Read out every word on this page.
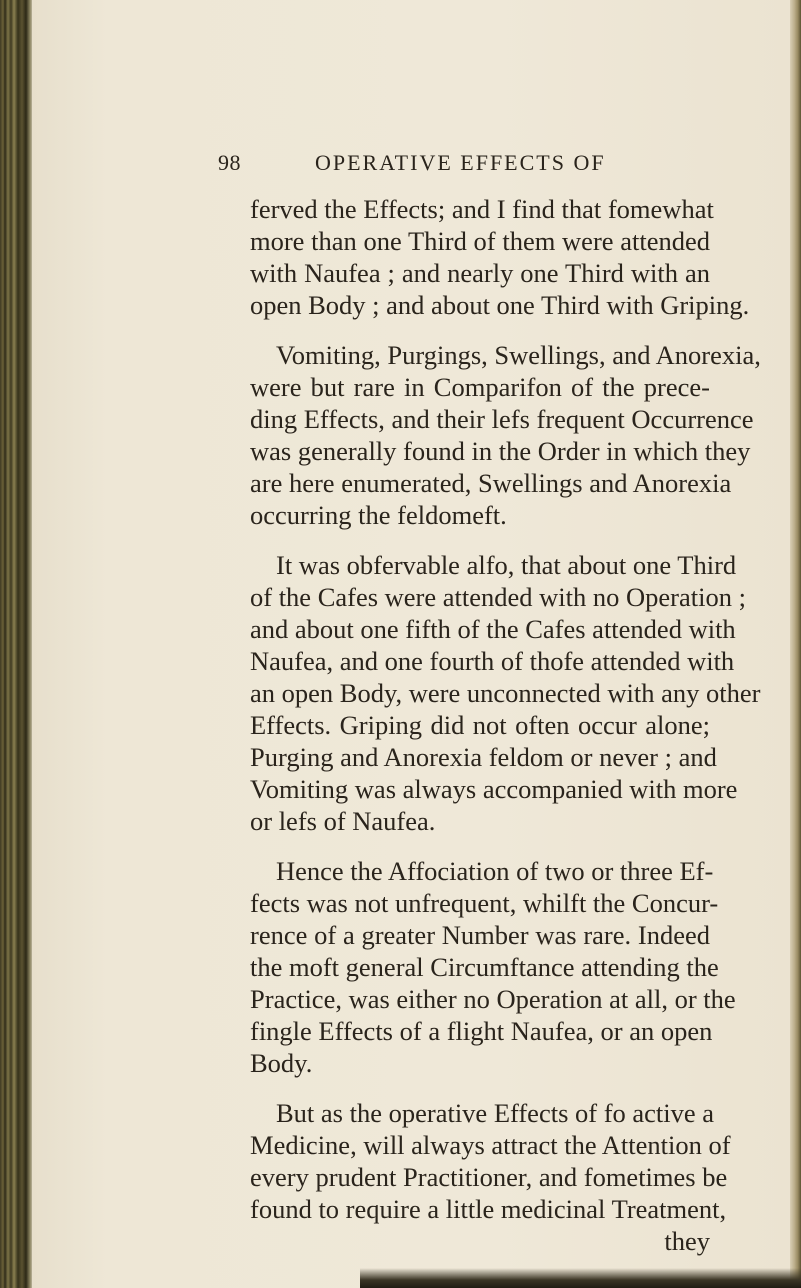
98	OPERATIVE EFFECTS OF
ferved the Effects; and I find that fomewhat
more than one Third of them were attended
with Naufea ; and nearly one Third with an
open Body ; and about one Third with Griping.
Vomiting, Purgings, Swellings, and Anorexia,
were but rare in Comparifon of the prece-
ding Effects, and their lefs frequent Occurrence
was generally found in the Order in which they
are here enumerated, Swellings and Anorexia
occurring the feldomeft.
It was obfervable alfo, that about one Third
of the Cafes were attended with no Operation ;
and about one fifth of the Cafes attended with
Naufea, and one fourth of thofe attended with
an open Body, were unconnected with any other
Effects. Griping did not often occur alone;
Purging and Anorexia feldom or never ; and
Vomiting was always accompanied with more
or lefs of Naufea.
Hence the Affociation of two or three Ef-
fects was not unfrequent, whilft the Concur-
rence of a greater Number was rare. Indeed
the moft general Circumftance attending the
Practice, was either no Operation at all, or the
fingle Effects of a flight Naufea, or an open
Body.
But as the operative Effects of fo active a
Medicine, will always attract the Attention of
every prudent Practitioner, and fometimes be
found to require a little medicinal Treatment,
they
